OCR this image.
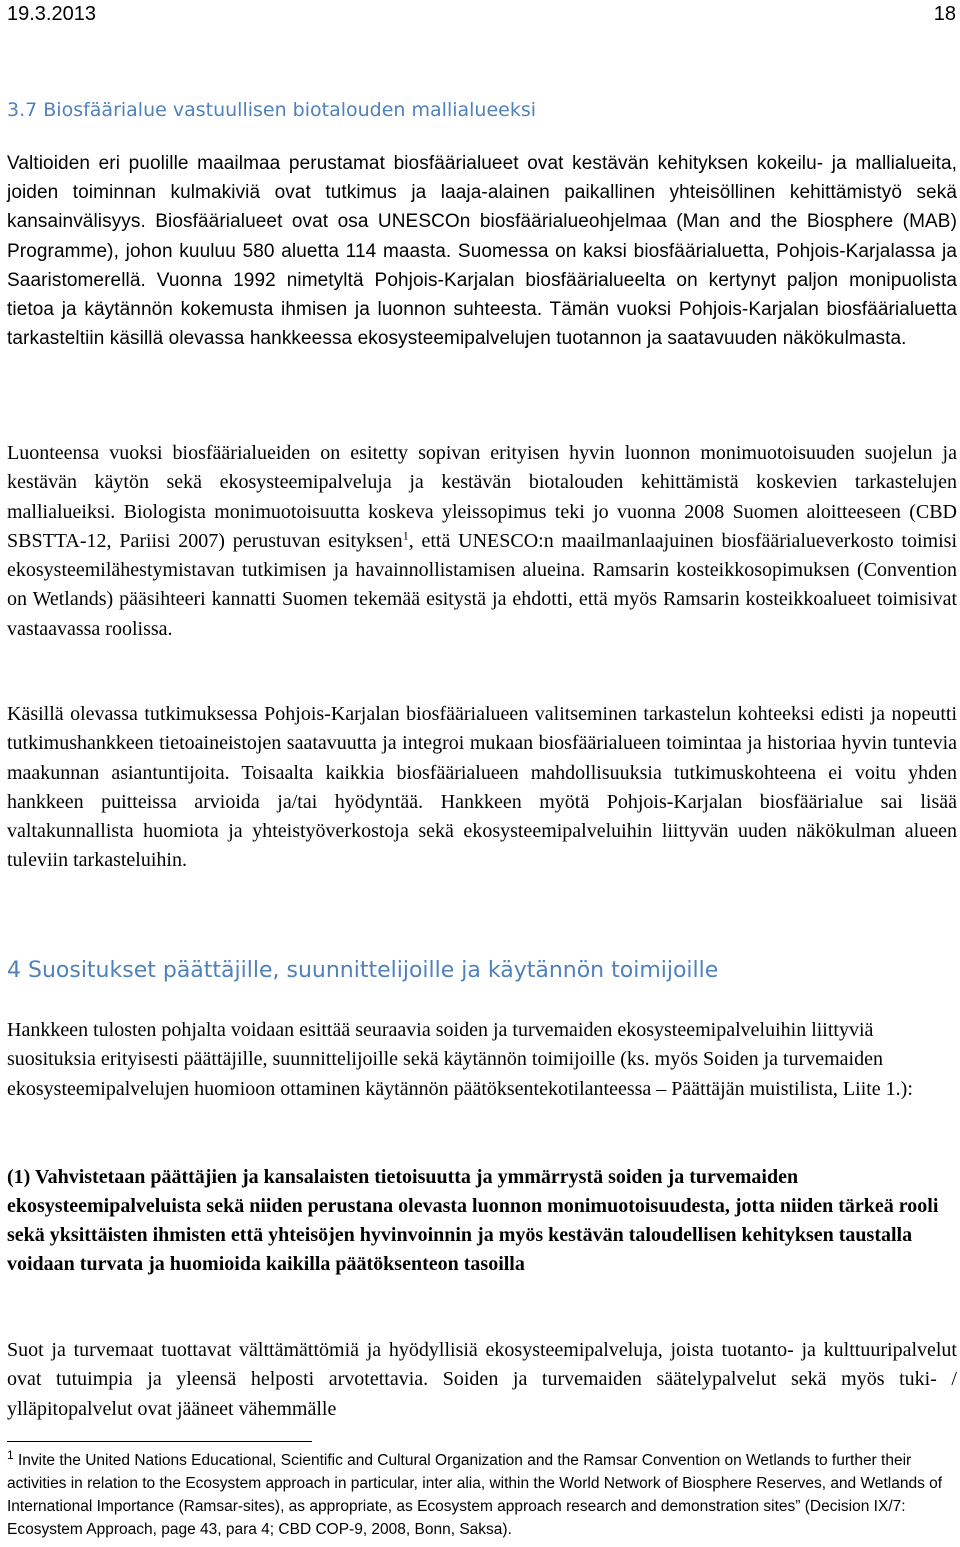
19.3.2013	18
3.7 Biosfäärialue vastuullisen biotalouden mallialueeksi

Valtioiden eri puolille maailmaa perustamat biosfäärialueet ovat kestävän kehityksen kokeilu- ja mallialueita, joiden toiminnan kulmakiviä ovat tutkimus ja laaja-alainen paikallinen yhteisöllinen kehittämistyö sekä kansainvälisyys. Biosfäärialueet ovat osa UNESCOn biosfäärialueohjelmaa (Man and the Biosphere (MAB) Programme), johon kuuluu 580 aluetta 114 maasta. Suomessa on kaksi biosfäärialuetta, Pohjois-Karjalassa ja Saaristomerellä. Vuonna 1992 nimetyltä Pohjois-Karjalan biosfäärialueelta on kertynyt paljon monipuolista tietoa ja käytännön kokemusta ihmisen ja luonnon suhteesta. Tämän vuoksi Pohjois-Karjalan biosfäärialuetta tarkasteltiin käsillä olevassa hankkeessa ekosysteemipalvelujen tuotannon ja saatavuuden näkökulmasta.

Luonteensa vuoksi biosfäärialueiden on esitetty sopivan erityisen hyvin luonnon monimuotoisuuden suojelun ja kestävän käytön sekä ekosysteemipalveluja ja kestävän biotalouden kehittämistä koskevien tarkastelujen mallialueiksi. Biologista monimuotoisuutta koskeva yleissopimus teki jo vuonna 2008 Suomen aloitteeseen (CBD SBSTTA-12, Pariisi 2007) perustuvan esityksen$^1$, että UNESCO:n maailmanlaajuinen biosfäärialueverkosto toimisi ekosysteemilähestymistavan tutkimisen ja havainnollistamisen alueina. Ramsarin kosteikkosopimuksen (Convention on Wetlands) pääsihteeri kannatti Suomen tekemää esitystä ja ehdotti, että myös Ramsarin kosteikkoalueet toimisivat vastaavassa roolissa.

Käsillä olevassa tutkimuksessa Pohjois-Karjalan biosfäärialueen valitseminen tarkastelun kohteeksi edisti ja nopeutti tutkimushankkeen tietoaineistojen saatavuutta ja integroi mukaan biosfäärialueen toimintaa ja historiaa hyvin tuntevia maakunnan asiantuntijoita. Toisaalta kaikkia biosfäärialueen mahdollisuuksia tutkimuskohteena ei voitu yhden hankkeen puitteissa arvioida ja/tai hyödyntää. Hankkeen myötä Pohjois-Karjalan biosfäärialue sai lisää valtakunnallista huomiota ja yhteistyöverkostoja sekä ekosysteemipalveluihin liittyvän uuden näkökulman alueen tuleviin tarkasteluihin.

4 Suositukset päättäjille, suunnittelijoille ja käytännön toimijoille

Hankkeen tulosten pohjalta voidaan esittää seuraavia soiden ja turvemaiden ekosysteemipalveluihin liittyviä suosituksia erityisesti päättäjille, suunnittelijoille sekä käytännön toimijoille (ks. myös Soiden ja turvemaiden ekosysteemipalvelujen huomioon ottaminen käytännön päätöksentekotilanteessa – Päättäjän muistilista, Liite 1.):

(1) Vahvistetaan päättäjien ja kansalaisten tietoisuutta ja ymmärrystä soiden ja turvemaiden ekosysteemipalveluista sekä niiden perustana olevasta luonnon monimuotoisuudesta, jotta niiden tärkeä rooli sekä yksittäisten ihmisten että yhteisöjen hyvinvoinnin ja myös kestävän taloudellisen kehityksen taustalla voidaan turvata ja huomioida kaikilla päätöksenteon tasoilla

Suot ja turvemaat tuottavat välttämättömiä ja hyödyllisiä ekosysteemipalveluja, joista tuotanto- ja kulttuuripalvelut ovat tutuimpia ja yleensä helposti arvotettavia. Soiden ja turvemaiden säätelypalvelut sekä myös tuki- / ylläpitopalvelut ovat jääneet vähemmälle

$^1$ Invite the United Nations Educational, Scientific and Cultural Organization and the Ramsar Convention on Wetlands to further their activities in relation to the Ecosystem approach in particular, inter alia, within the World Network of Biosphere Reserves, and Wetlands of International Importance (Ramsar-sites), as appropriate, as Ecosystem approach research and demonstration sites” (Decision IX/7: Ecosystem Approach, page 43, para 4; CBD COP-9, 2008, Bonn, Saksa).
